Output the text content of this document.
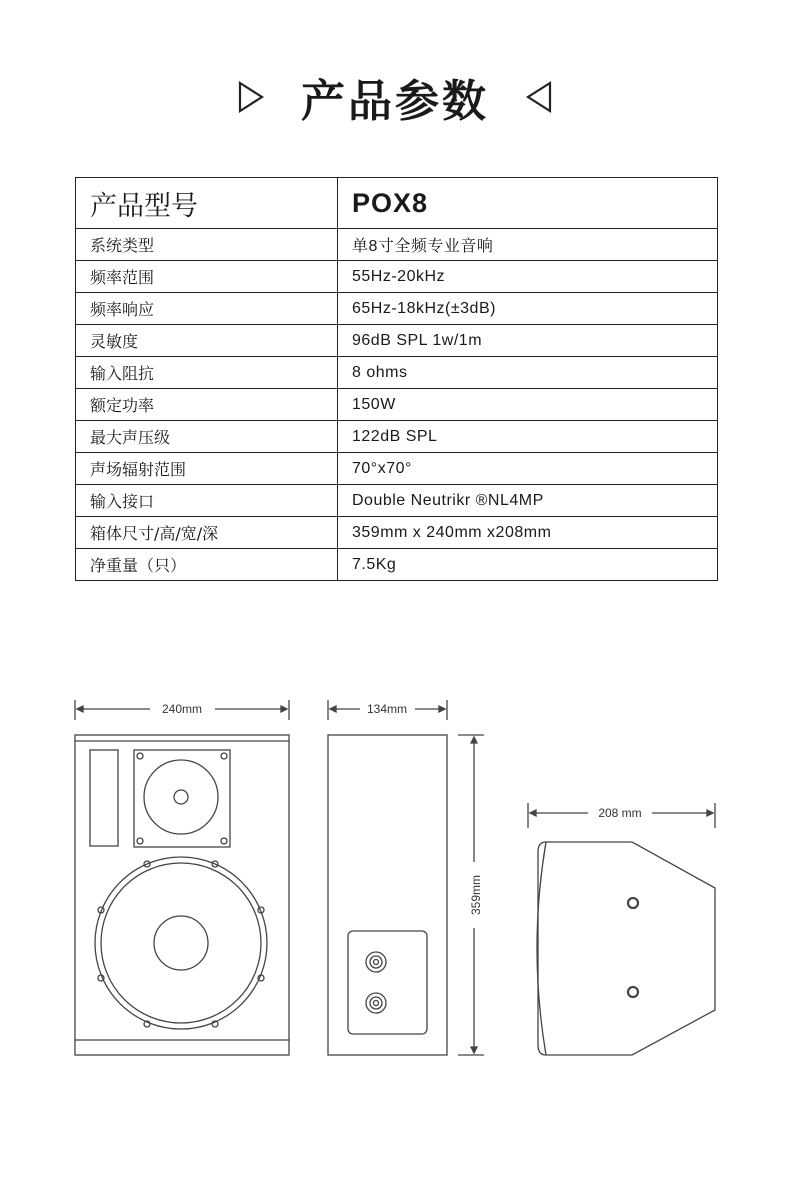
产品参数
产品型号	POX8
系统类型	单8寸全频专业音响
频率范围	55Hz-20kHz
频率响应	65Hz-18kHz(±3dB)
灵敏度	96dB SPL 1w/1m
输入阻抗	8 ohms
额定功率	150W
最大声压级	122dB SPL
声场辐射范围	70°x70°
输入接口	Double Neutrikr ®NL4MP
箱体尺寸/高/宽/深	359mm x 240mm x208mm
净重量（只）	7.5Kg
240mm	134mm
359mm
208 mm
